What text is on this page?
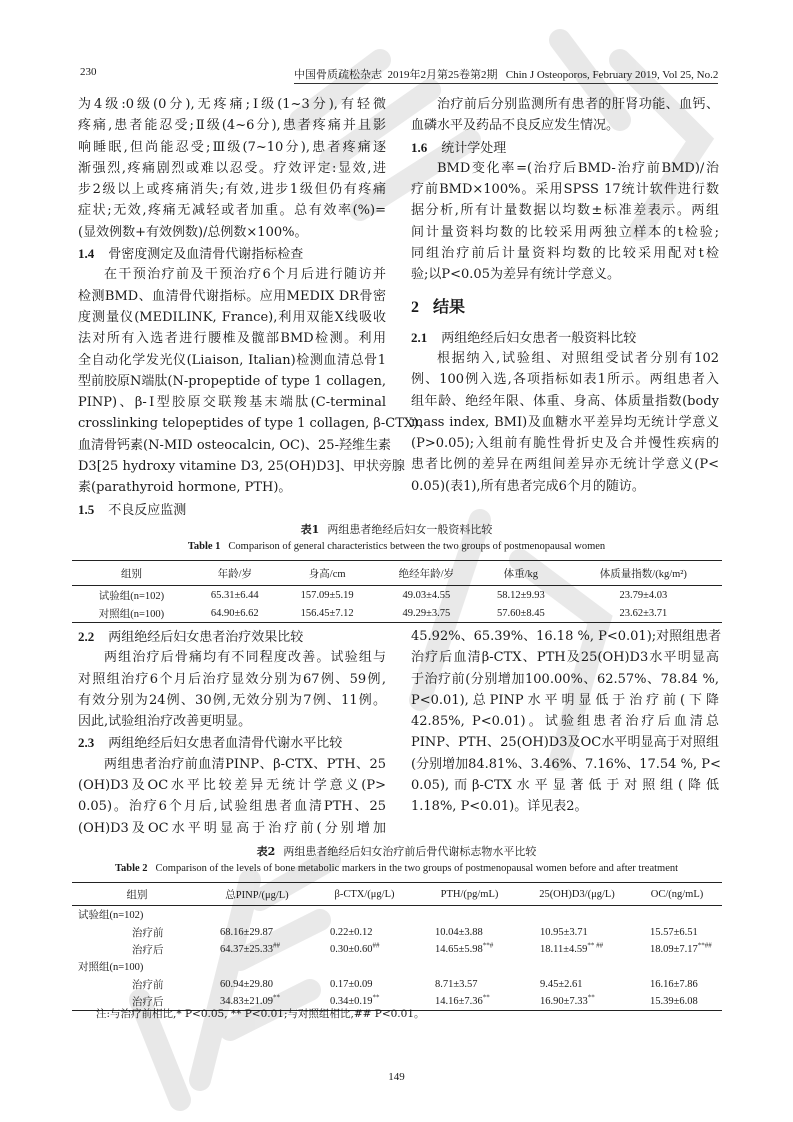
230	中国骨质疏松杂志  2019年2月第25卷第2期   Chin J Osteoporos, February 2019, Vol 25, No.2
为4级:0级(0分),无疼痛;Ⅰ级(1~3分),有轻微
疼痛,患者能忍受;Ⅱ级(4~6分),患者疼痛并且影
响睡眠,但尚能忍受;Ⅲ级(7~10分),患者疼痛逐
渐强烈,疼痛剧烈或难以忍受。疗效评定:显效,进
步2级以上或疼痛消失;有效,进步1级但仍有疼痛
症状;无效,疼痛无减轻或者加重。总有效率(%)=
(显效例数+有效例数)/总例数×100%。
1.4 骨密度测定及血清骨代谢指标检查
在干预治疗前及干预治疗6个月后进行随访并
检测BMD、血清骨代谢指标。应用MEDIX DR骨密
度测量仪(MEDILINK, France),利用双能X线吸收
法对所有入选者进行腰椎及髋部BMD检测。利用
全自动化学发光仪(Liaison, Italian)检测血清总骨1
型前胶原N端肽(N-propeptide of type 1 collagen,
PINP)、β-Ⅰ型胶原交联羧基末端肽(C-terminal
crosslinking telopeptides of type 1 collagen, β-CTX)、
血清骨钙素(N-MID osteocalcin, OC)、25-羟维生素
D3[25 hydroxy vitamine D3, 25(OH)D3]、甲状旁腺
素(parathyroid hormone, PTH)。
1.5 不良反应监测
治疗前后分别监测所有患者的肝肾功能、血钙、
血磷水平及药品不良反应发生情况。
1.6 统计学处理
BMD变化率=(治疗后BMD-治疗前BMD)/治
疗前BMD×100%。采用SPSS 17统计软件进行数
据分析,所有计量数据以均数±标准差表示。两组
间计量资料均数的比较采用两独立样本的t检验;
同组治疗前后计量资料均数的比较采用配对t检
验;以P<0.05为差异有统计学意义。
2 结果
2.1 两组绝经后妇女患者一般资料比较
根据纳入,试验组、对照组受试者分别有102
例、100例入选,各项指标如表1所示。两组患者入
组年龄、绝经年限、体重、身高、体质量指数(body
mass index, BMI)及血糖水平差异均无统计学意义
(P>0.05);入组前有脆性骨折史及合并慢性疾病的
患者比例的差异在两组间差异亦无统计学意义(P<
0.05)(表1),所有患者完成6个月的随访。
表1 两组患者绝经后妇女一般资料比较
Table 1 Comparison of general characteristics between the two groups of postmenopausal women
组别	年龄/岁	身高/cm	绝经年龄/岁	体重/kg	体质量指数/(kg/m²)
试验组(n=102)	65.31±6.44	157.09±5.19	49.03±4.55	58.12±9.93	23.79±4.03
对照组(n=100)	64.90±6.62	156.45±7.12	49.29±3.75	57.60±8.45	23.62±3.71
2.2 两组绝经后妇女患者治疗效果比较
两组治疗后骨痛均有不同程度改善。试验组与
对照组治疗6个月后治疗显效分别为67例、59例,
有效分别为24例、30例,无效分别为7例、11例。
因此,试验组治疗改善更明显。
2.3 两组绝经后妇女患者血清骨代谢水平比较
两组患者治疗前血清PINP、β-CTX、PTH、25
(OH)D3及OC水平比较差异无统计学意义(P>
0.05)。治疗6个月后,试验组患者血清PTH、25
(OH)D3及OC水平明显高于治疗前(分别增加
45.92%、65.39%、16.18 %, P<0.01);对照组患者
治疗后血清β-CTX、PTH及25(OH)D3水平明显高
于治疗前(分别增加100.00%、62.57%、78.84 %,
P<0.01),总PINP水平明显低于治疗前(下降
42.85%, P<0.01)。试验组患者治疗后血清总
PINP、PTH、25(OH)D3及OC水平明显高于对照组
(分别增加84.81%、3.46%、7.16%、17.54 %, P<
0.05),而β-CTX水平显著低于对照组(降低
1.18%, P<0.01)。详见表2。
表2 两组患者绝经后妇女治疗前后骨代谢标志物水平比较
Table 2 Comparison of the levels of bone metabolic markers in the two groups of postmenopausal women before and after treatment
组别	总PINP/(μg/L)	β-CTX/(μg/L)	PTH/(pg/mL)	25(OH)D3/(μg/L)	OC/(ng/mL)
试验组(n=102)					
治疗前	68.16±29.87	0.22±0.12	10.04±3.88	10.95±3.71	15.57±6.51
治疗后	64.37±25.33##	0.30±0.60##	14.65±5.98**#	18.11±4.59** ##	18.09±7.17**##
对照组(n=100)					
治疗前	60.94±29.80	0.17±0.09	8.71±3.57	9.45±2.61	16.16±7.86
治疗后	34.83±21.09**	0.34±0.19**	14.16±7.36**	16.90±7.33**	15.39±6.08
注:与治疗前相比,* P<0.05, ** P<0.01;与对照组相比,## P<0.01。
149
